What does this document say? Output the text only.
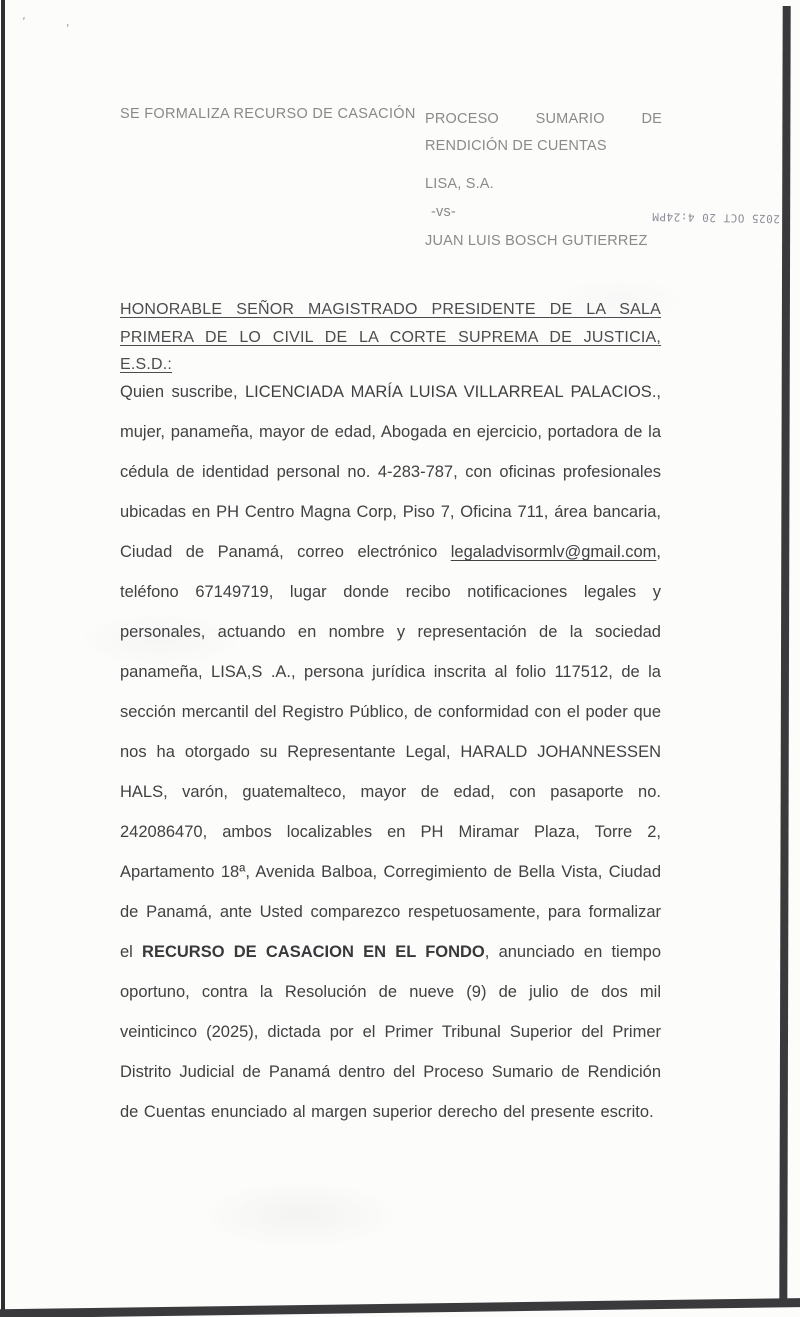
'	'
2025 OCT 20 4:24PM
SE FORMALIZA RECURSO DE CASACIÓN PROCESO SUMARIO DE
RENDICIÓN DE CUENTAS
LISA, S.A.
-vs-
JUAN LUIS BOSCH GUTIERREZ
HONORABLE SEÑOR MAGISTRADO PRESIDENTE DE LA SALA
PRIMERA DE LO CIVIL DE LA CORTE SUPREMA DE JUSTICIA,
E.S.D.:
Quien suscribe, LICENCIADA MARÍA LUISA VILLARREAL PALACIOS., mujer, panameña, mayor de edad, Abogada en ejercicio, portadora de la cédula de identidad personal no. 4-283-787, con oficinas profesionales ubicadas en PH Centro Magna Corp, Piso 7, Oficina 711, área bancaria, Ciudad de Panamá, correo electrónico legaladvisormlv@gmail.com, teléfono 67149719, lugar donde recibo notificaciones legales y personales, actuando en nombre y representación de la sociedad panameña, LISA,S .A., persona jurídica inscrita al folio 117512, de la sección mercantil del Registro Público, de conformidad con el poder que nos ha otorgado su Representante Legal, HARALD JOHANNESSEN HALS, varón, guatemalteco, mayor de edad, con pasaporte no. 242086470, ambos localizables en PH Miramar Plaza, Torre 2, Apartamento 18ª, Avenida Balboa, Corregimiento de Bella Vista, Ciudad de Panamá, ante Usted comparezco respetuosamente, para formalizar el RECURSO DE CASACION EN EL FONDO, anunciado en tiempo oportuno, contra la Resolución de nueve (9) de julio de dos mil veinticinco (2025), dictada por el Primer Tribunal Superior del Primer Distrito Judicial de Panamá dentro del Proceso Sumario de Rendición de Cuentas enunciado al margen superior derecho del presente escrito.
